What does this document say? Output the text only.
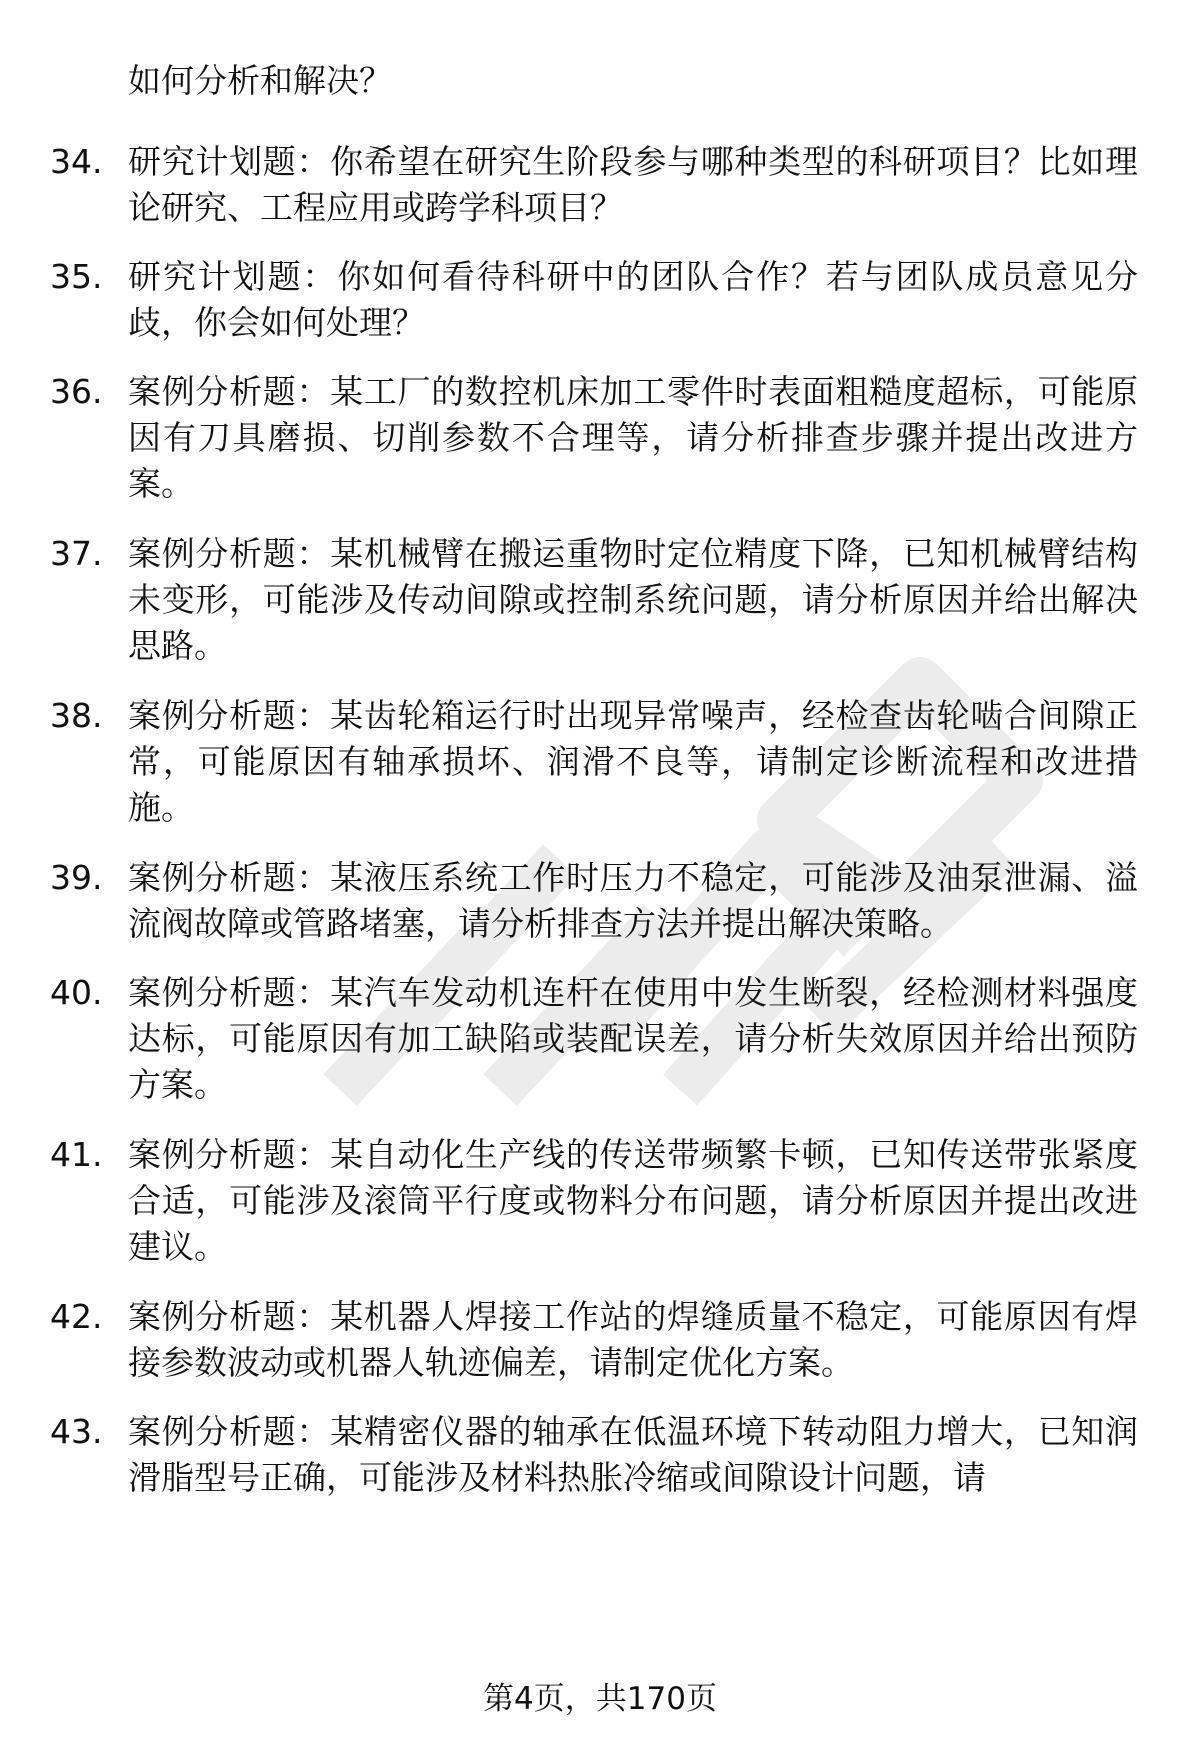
如何分析和解决？
34. 研究计划题：你希望在研究生阶段参与哪种类型的科研项目？比如理论研究、工程应用或跨学科项目？
35. 研究计划题：你如何看待科研中的团队合作？若与团队成员意见分歧，你会如何处理？
36. 案例分析题：某工厂的数控机床加工零件时表面粗糙度超标，可能原因有刀具磨损、切削参数不合理等，请分析排查步骤并提出改进方案。
37. 案例分析题：某机械臂在搬运重物时定位精度下降，已知机械臂结构未变形，可能涉及传动间隙或控制系统问题，请分析原因并给出解决思路。
38. 案例分析题：某齿轮箱运行时出现异常噪声，经检查齿轮啮合间隙正常，可能原因有轴承损坏、润滑不良等，请制定诊断流程和改进措施。
39. 案例分析题：某液压系统工作时压力不稳定，可能涉及油泵泄漏、溢流阀故障或管路堵塞，请分析排查方法并提出解决策略。
40. 案例分析题：某汽车发动机连杆在使用中发生断裂，经检测材料强度达标，可能原因有加工缺陷或装配误差，请分析失效原因并给出预防方案。
41. 案例分析题：某自动化生产线的传送带频繁卡顿，已知传送带张紧度合适，可能涉及滚筒平行度或物料分布问题，请分析原因并提出改进建议。
42. 案例分析题：某机器人焊接工作站的焊缝质量不稳定，可能原因有焊接参数波动或机器人轨迹偏差，请制定优化方案。
43. 案例分析题：某精密仪器的轴承在低温环境下转动阻力增大，已知润滑脂型号正确，可能涉及材料热胀冷缩或间隙设计问题，请
第4页，共170页
